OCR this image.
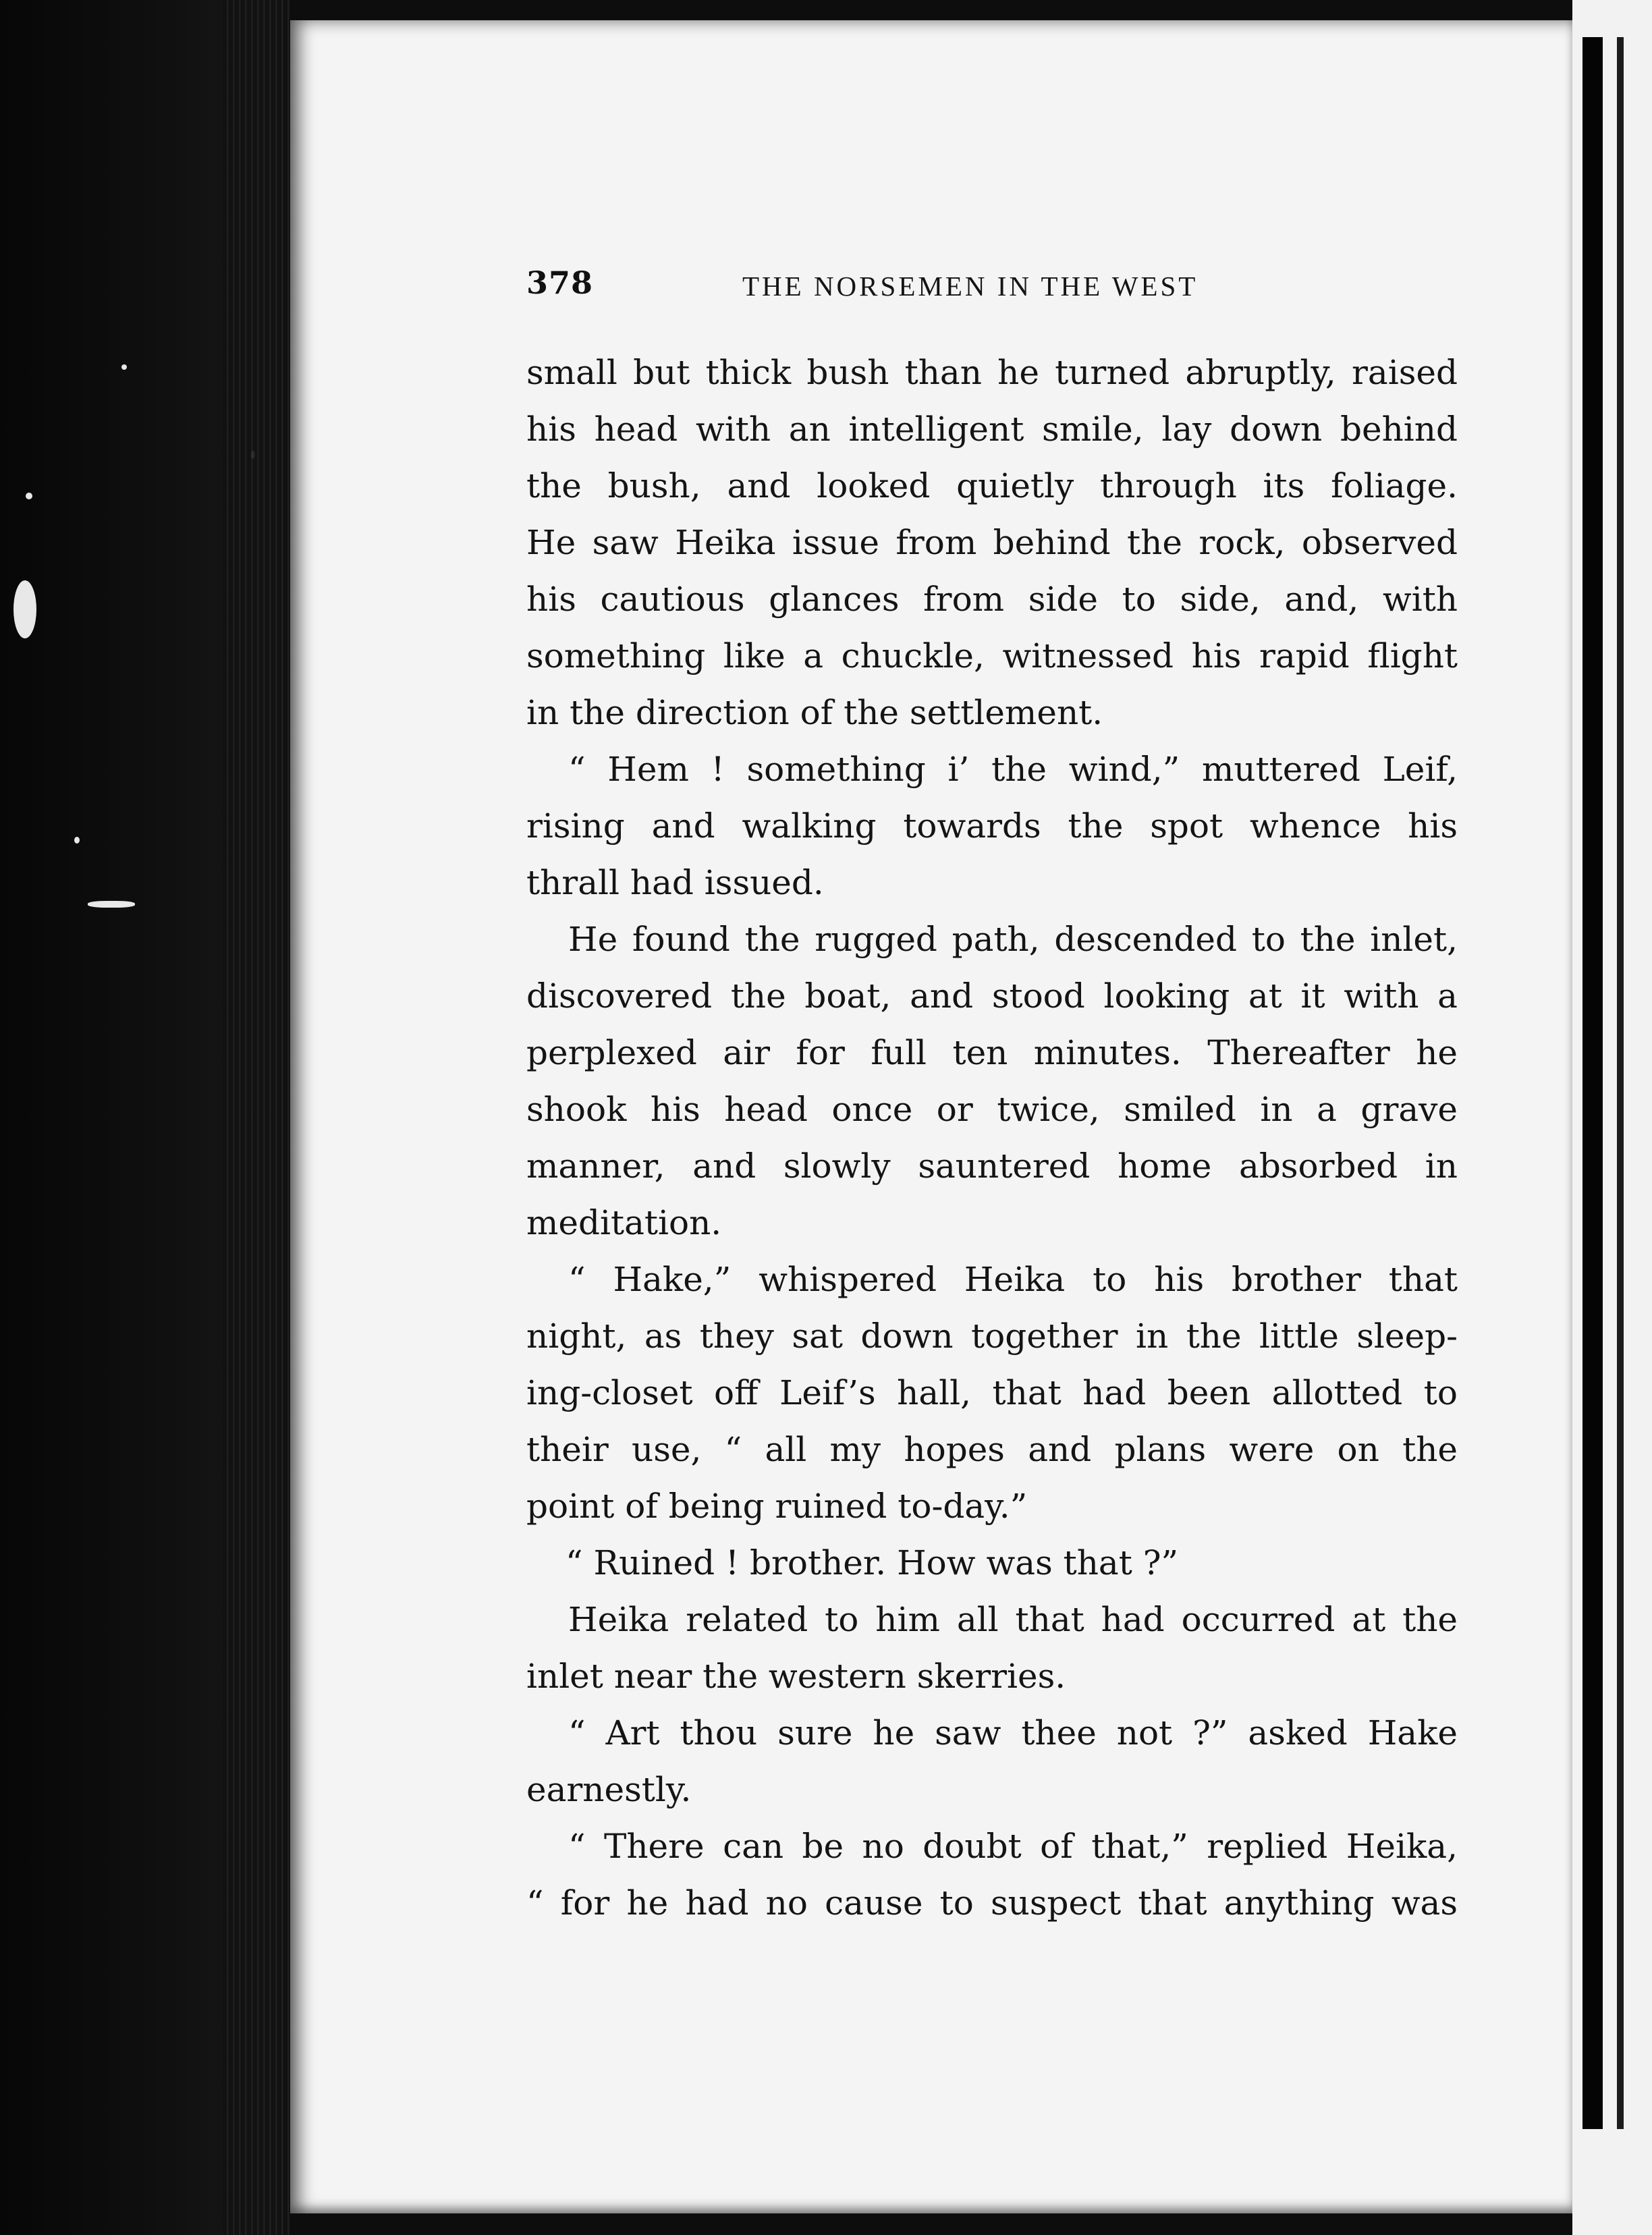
378	THE NORSEMEN IN THE WEST
small but thick bush than he turned abruptly, raised
his head with an intelligent smile, lay down behind
the bush, and looked quietly through its foliage.
He saw Heika issue from behind the rock, observed
his cautious glances from side to side, and, with
something like a chuckle, witnessed his rapid flight
in the direction of the settlement.
“ Hem ! something i’ the wind,” muttered Leif,
rising and walking towards the spot whence his
thrall had issued.
He found the rugged path, descended to the inlet,
discovered the boat, and stood looking at it with a
perplexed air for full ten minutes. Thereafter he
shook his head once or twice, smiled in a grave
manner, and slowly sauntered home absorbed in
meditation.
“ Hake,” whispered Heika to his brother that
night, as they sat down together in the little sleep-
ing-closet off Leif’s hall, that had been allotted to
their use, “ all my hopes and plans were on the
point of being ruined to-day.”
“ Ruined ! brother. How was that ?”
Heika related to him all that had occurred at the
inlet near the western skerries.
“ Art thou sure he saw thee not ?” asked Hake
earnestly.
“ There can be no doubt of that,” replied Heika,
“ for he had no cause to suspect that anything was
